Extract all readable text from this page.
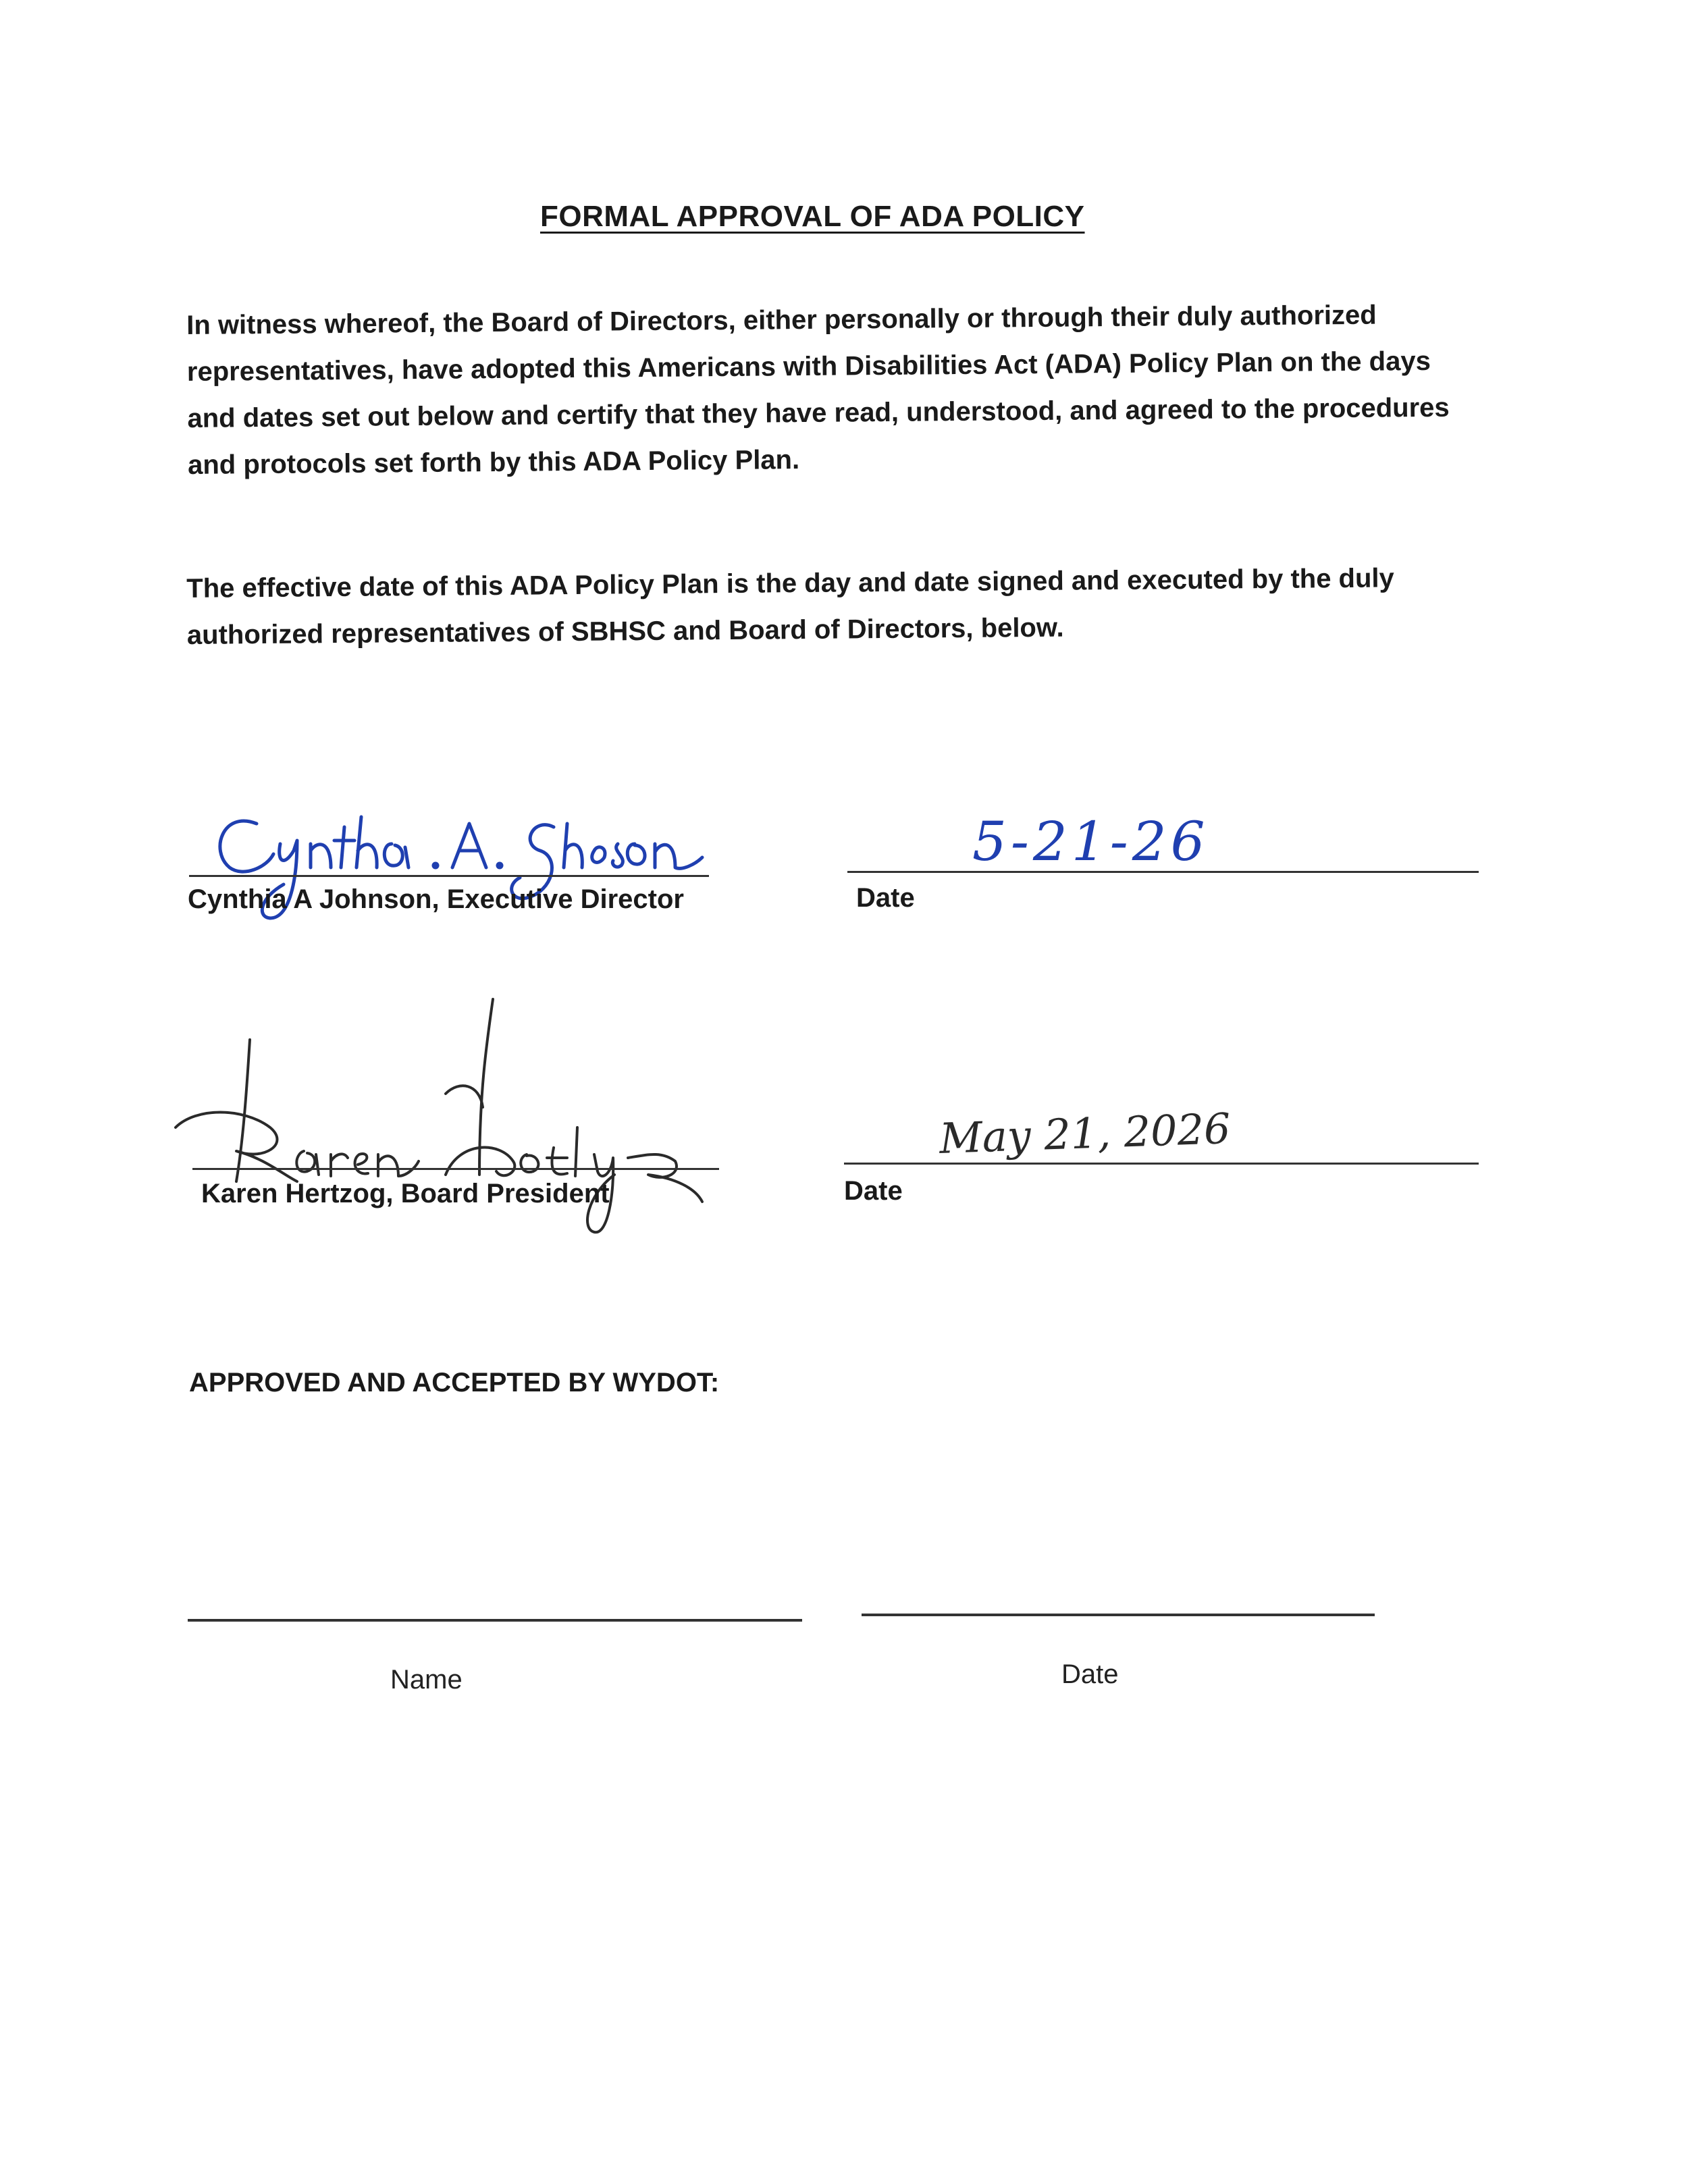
FORMAL APPROVAL OF ADA POLICY
In witness whereof, the Board of Directors, either personally or through their duly authorized representatives, have adopted this Americans with Disabilities Act (ADA) Policy Plan on the days and dates set out below and certify that they have read, understood, and agreed to the procedures and protocols set forth by this ADA Policy Plan.
The effective date of this ADA Policy Plan is the day and date signed and executed by the duly authorized representatives of SBHSC and Board of Directors, below.
Cynthia A Johnson, Executive Director
5-21-26
Date
Karen Hertzog, Board President
May 21, 2026
Date
APPROVED AND ACCEPTED BY WYDOT:
Name	Date
